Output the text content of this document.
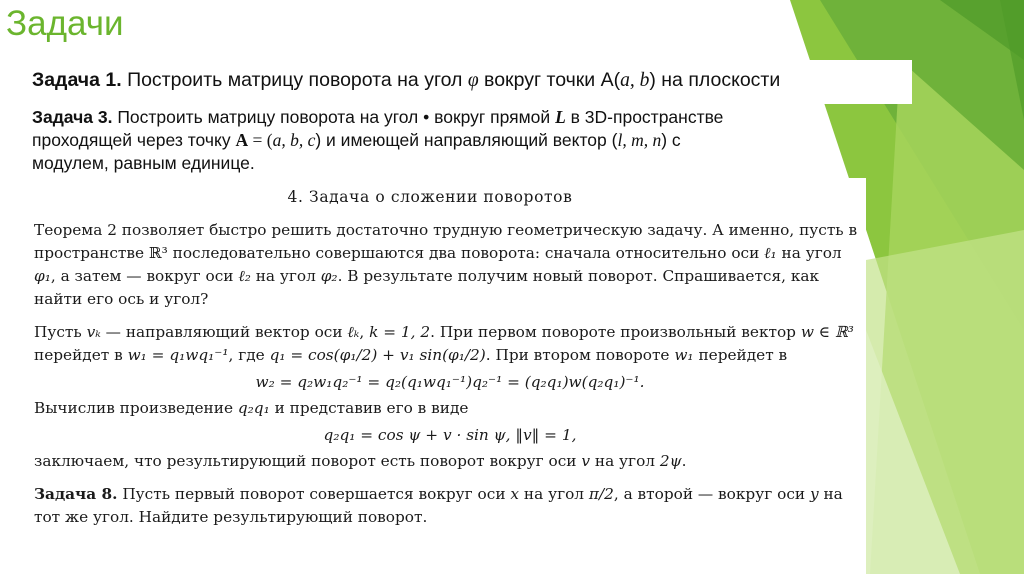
Задачи
Задача 1. Построить матрицу поворота на угол φ вокруг точки A(a, b) на плоскости
Задача 3. Построить матрицу поворота на угол • вокруг прямой L в 3D-пространстве проходящей через точку A = (a, b, c) и имеющей направляющий вектор (l, m, n) с модулем, равным единице.
4. Задача о сложении поворотов

Теорема 2 позволяет быстро решить достаточно трудную геометрическую задачу. А именно, пусть в пространстве ℝ³ последовательно совершаются два поворота: сначала относительно оси ℓ₁ на угол φ₁, а затем — вокруг оси ℓ₂ на угол φ₂. В результате получим новый поворот. Спрашивается, как найти его ось и угол?

Пусть vₖ — направляющий вектор оси ℓₖ, k = 1, 2. При первом повороте произвольный вектор w ∈ ℝ³ перейдет в w₁ = q₁wq₁⁻¹, где q₁ = cos(φ₁/2) + v₁ sin(φ₁/2). При втором повороте w₁ перейдет в

w₂ = q₂w₁q₂⁻¹ = q₂(q₁wq₁⁻¹)q₂⁻¹ = (q₂q₁)w(q₂q₁)⁻¹.

Вычислив произведение q₂q₁ и представив его в виде

q₂q₁ = cos ψ + v · sin ψ, ‖v‖ = 1,

заключаем, что результирующий поворот есть поворот вокруг оси v на угол 2ψ.

Задача 8. Пусть первый поворот совершается вокруг оси x на угол π/2, а второй — вокруг оси y на тот же угол. Найдите результирующий поворот.
